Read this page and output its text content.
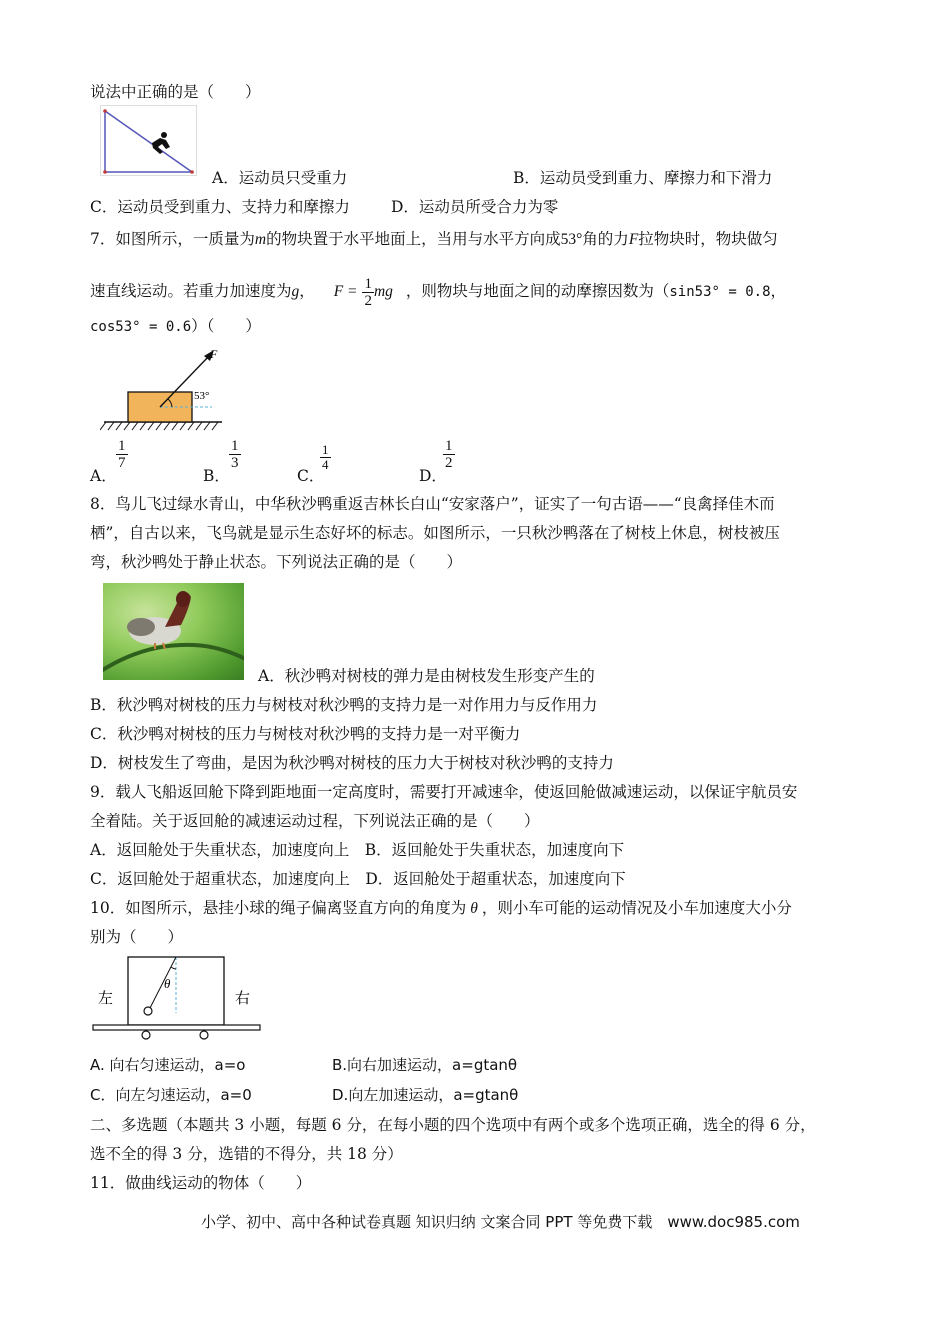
说法中正确的是（　　）
A．运动员只受重力	B．运动员受到重力、摩擦力和下滑力
C．运动员受到重力、支持力和摩擦力	D．运动员所受合力为零
7．如图所示，一质量为m的物块置于水平地面上，当用与水平方向成53°角的力F拉物块时，物块做匀
速直线运动。若重力加速度为g， $F = \frac{1}{2}$ mg ，则物块与地面之间的动摩擦因数为（sin53° = 0.8，
cos53° = 0.6）（　　）
F
53°
A．
$\frac{1}{7}$
B．
$\frac{1}{3}$
C．
$\frac{1}{4}$
D．
$\frac{1}{2}$
8．鸟儿飞过绿水青山，中华秋沙鸭重返吉林长白山“安家落户”，证实了一句古语——“良禽择佳木而
栖”，自古以来，飞鸟就是显示生态好坏的标志。如图所示，一只秋沙鸭落在了树枝上休息，树枝被压
弯，秋沙鸭处于静止状态。下列说法正确的是（　　）
A．秋沙鸭对树枝的弹力是由树枝发生形变产生的
B．秋沙鸭对树枝的压力与树枝对秋沙鸭的支持力是一对作用力与反作用力
C．秋沙鸭对树枝的压力与树枝对秋沙鸭的支持力是一对平衡力
D．树枝发生了弯曲，是因为秋沙鸭对树枝的压力大于树枝对秋沙鸭的支持力
9．载人飞船返回舱下降到距地面一定高度时，需要打开减速伞，使返回舱做减速运动，以保证宇航员安
全着陆。关于返回舱的减速运动过程，下列说法正确的是（　　）
A．返回舱处于失重状态，加速度向上　B．返回舱处于失重状态，加速度向下
C．返回舱处于超重状态，加速度向上　D．返回舱处于超重状态，加速度向下
10．如图所示，悬挂小球的绳子偏离竖直方向的角度为 θ ，则小车可能的运动情况及小车加速度大小分
别为（　　）
θ
左	右
A. 向右匀速运动，a=o	B.向右加速运动，a=gtanθ
C．向左匀速运动，a=0	D.向左加速运动，a=gtanθ
二、多选题（本题共 3 小题，每题 6 分，在每小题的四个选项中有两个或多个选项正确，选全的得 6 分，
选不全的得 3 分，选错的不得分，共 18 分）
11．做曲线运动的物体（　　）
小学、初中、高中各种试卷真题 知识归纳 文案合同 PPT 等免费下载　www.doc985.com
